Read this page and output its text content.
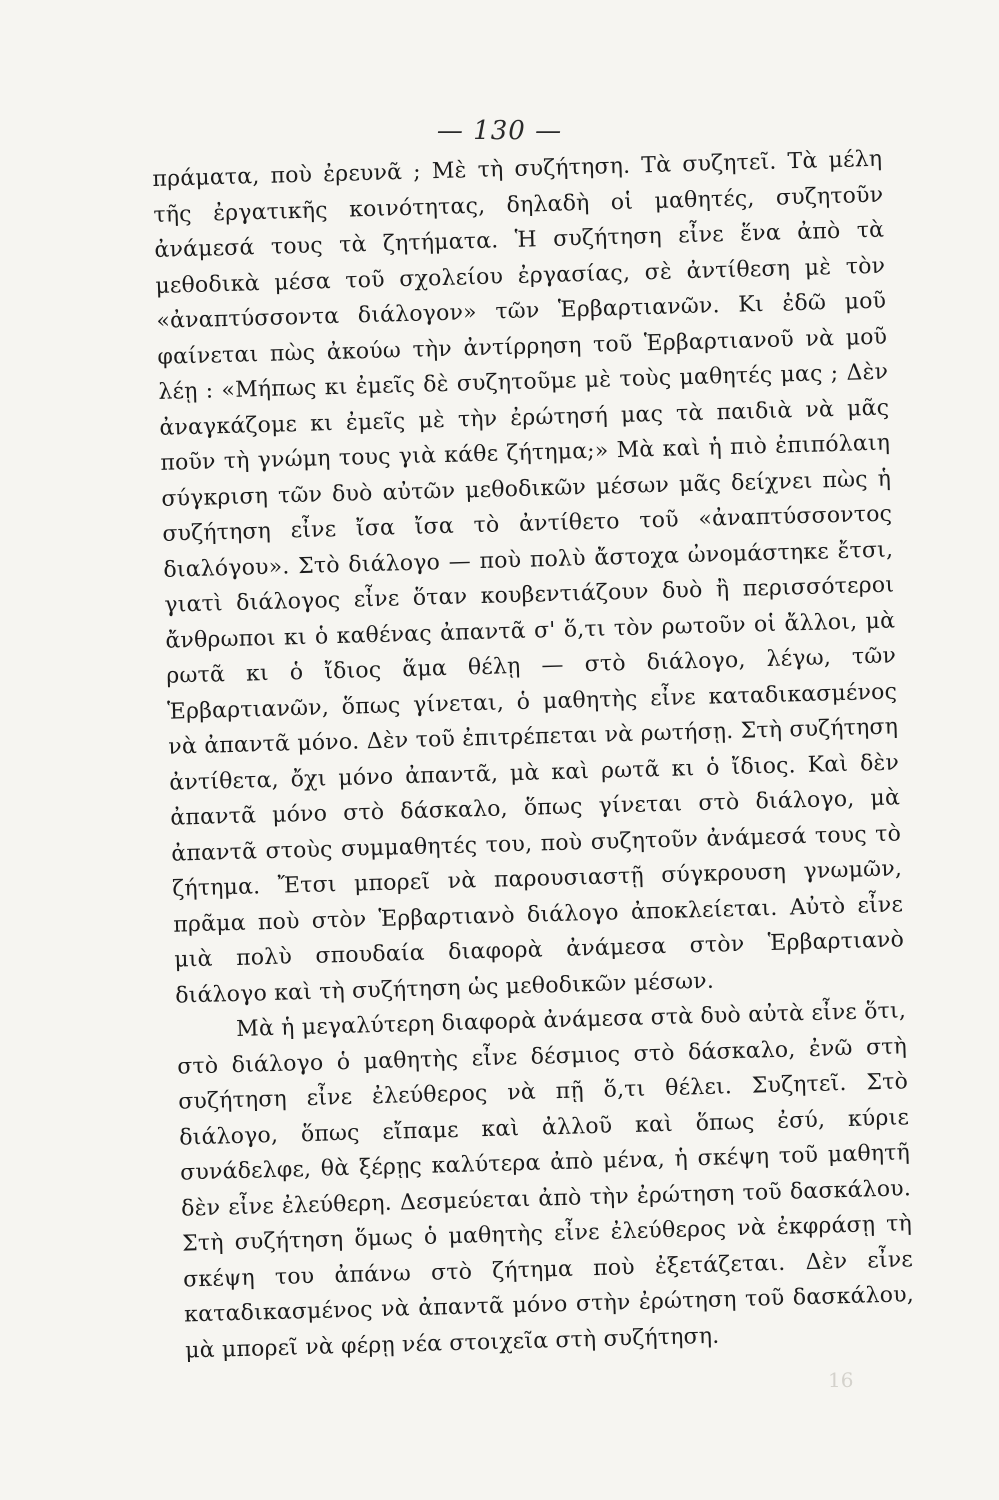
— 130 —

πράματα, ποὺ ἐρευνᾶ ; Μὲ τὴ συζήτηση. Τὰ συζητεῖ. Τὰ μέλη τῆς ἐργατικῆς κοινότητας, δηλαδὴ οἱ μαθητές, συζητοῦν ἀνάμεσά τους τὰ ζητήματα. Ἡ συζήτηση εἶνε ἕνα ἀπὸ τὰ μεθοδικὰ μέσα τοῦ σχολείου ἐργασίας, σὲ ἀντίθεση μὲ τὸν «ἀναπτύσσοντα διάλογον» τῶν Ἑρβαρτιανῶν. Κι ἐδῶ μοῦ φαίνεται πὼς ἀκούω τὴν ἀντίρρηση τοῦ Ἑρβαρτιανοῦ νὰ μοῦ λέῃ : «Μήπως κι ἐμεῖς δὲ συζητοῦμε μὲ τοὺς μαθητές μας ; Δὲν ἀναγκάζομε κι ἐμεῖς μὲ τὴν ἐρώτησή μας τὰ παιδιὰ νὰ μᾶς ποῦν τὴ γνώμη τους γιὰ κάθε ζήτημα;» Μὰ καὶ ἡ πιὸ ἐπιπόλαιη σύγκριση τῶν δυὸ αὐτῶν μεθοδικῶν μέσων μᾶς δείχνει πὼς ἡ συζήτηση εἶνε ἴσα ἴσα τὸ ἀντίθετο τοῦ «ἀναπτύσσοντος διαλόγου». Στὸ διάλογο — ποὺ πολὺ ἄστοχα ὠνομάστηκε ἔτσι, γιατὶ διάλογος εἶνε ὅταν κουβεντιάζουν δυὸ ἢ περισσότεροι ἄνθρωποι κι ὁ καθένας ἀπαντᾶ σ' ὅ,τι τὸν ρωτοῦν οἱ ἄλλοι, μὰ ρωτᾶ κι ὁ ἴδιος ἅμα θέλῃ — στὸ διάλογο, λέγω, τῶν Ἑρβαρτιανῶν, ὅπως γίνεται, ὁ μαθητὴς εἶνε καταδικασμένος νὰ ἀπαντᾶ μόνο. Δὲν τοῦ ἐπιτρέπεται νὰ ρωτήσῃ. Στὴ συζήτηση ἀντίθετα, ὄχι μόνο ἀπαντᾶ, μὰ καὶ ρωτᾶ κι ὁ ἴδιος. Καὶ δὲν ἀπαντᾶ μόνο στὸ δάσκαλο, ὅπως γίνεται στὸ διάλογο, μὰ ἀπαντᾶ στοὺς συμμαθητές του, ποὺ συζητοῦν ἀνάμεσά τους τὸ ζήτημα. Ἔτσι μπορεῖ νὰ παρουσιαστῇ σύγκρουση γνωμῶν, πρᾶμα ποὺ στὸν Ἑρβαρτιανὸ διάλογο ἀποκλείεται. Αὐτὸ εἶνε μιὰ πολὺ σπουδαία διαφορὰ ἀνάμεσα στὸν Ἑρβαρτιανὸ διάλογο καὶ τὴ συζήτηση ὡς μεθοδικῶν μέσων.

Μὰ ἡ μεγαλύτερη διαφορὰ ἀνάμεσα στὰ δυὸ αὐτὰ εἶνε ὅτι, στὸ διάλογο ὁ μαθητὴς εἶνε δέσμιος στὸ δάσκαλο, ἐνῶ στὴ συζήτηση εἶνε ἐλεύθερος νὰ πῇ ὅ,τι θέλει. Συζητεῖ. Στὸ διάλογο, ὅπως εἴπαμε καὶ ἀλλοῦ καὶ ὅπως ἐσύ, κύριε συνάδελφε, θὰ ξέρῃς καλύτερα ἀπὸ μένα, ἡ σκέψη τοῦ μαθητῆ δὲν εἶνε ἐλεύθερη. Δεσμεύεται ἀπὸ τὴν ἐρώτηση τοῦ δασκάλου. Στὴ συζήτηση ὅμως ὁ μαθητὴς εἶνε ἐλεύθερος νὰ ἐκφράσῃ τὴ σκέψη του ἀπάνω στὸ ζήτημα ποὺ ἐξετάζεται. Δὲν εἶνε καταδικασμένος νὰ ἀπαντᾶ μόνο στὴν ἐρώτηση τοῦ δασκάλου, μὰ μπορεῖ νὰ φέρῃ νέα στοιχεῖα στὴ συζήτηση.

16
